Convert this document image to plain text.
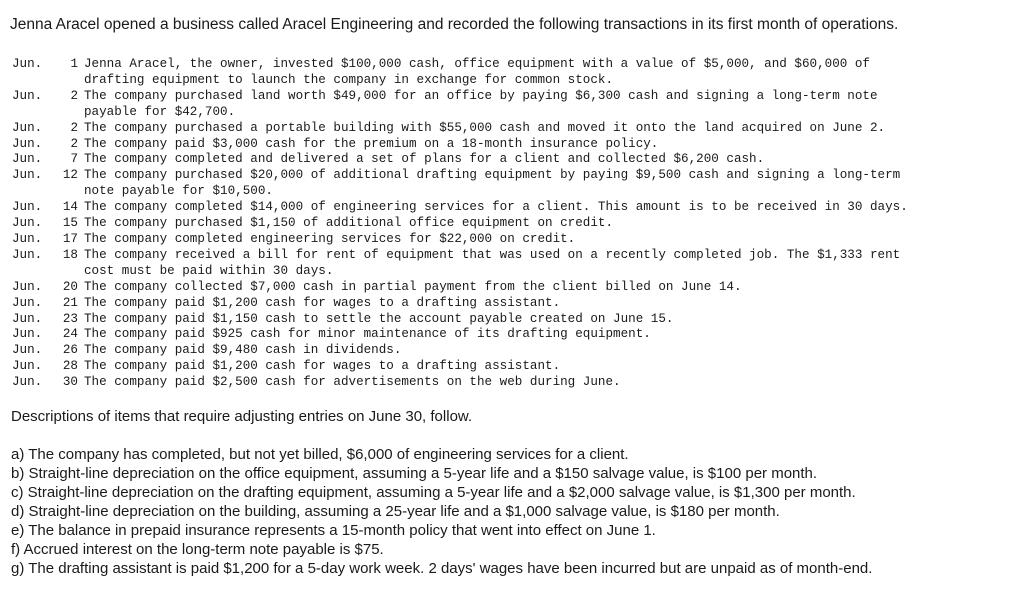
Jenna Aracel opened a business called Aracel Engineering and recorded the following transactions in its first month of operations.

Jun.	1 Jenna Aracel, the owner, invested $100,000 cash, office equipment with a value of $5,000, and $60,000 of
drafting equipment to launch the company in exchange for common stock.
Jun.	2 The company purchased land worth $49,000 for an office by paying $6,300 cash and signing a long-term note
payable for $42,700.
Jun.	2 The company purchased a portable building with $55,000 cash and moved it onto the land acquired on June 2.
Jun.	2 The company paid $3,000 cash for the premium on a 18-month insurance policy.
Jun.	7 The company completed and delivered a set of plans for a client and collected $6,200 cash.
Jun.	12 The company purchased $20,000 of additional drafting equipment by paying $9,500 cash and signing a long-term
note payable for $10,500.
Jun.	14 The company completed $14,000 of engineering services for a client. This amount is to be received in 30 days.
Jun.	15 The company purchased $1,150 of additional office equipment on credit.
Jun.	17 The company completed engineering services for $22,000 on credit.
Jun.	18 The company received a bill for rent of equipment that was used on a recently completed job. The $1,333 rent
cost must be paid within 30 days.
Jun.	20 The company collected $7,000 cash in partial payment from the client billed on June 14.
Jun.	21 The company paid $1,200 cash for wages to a drafting assistant.
Jun.	23 The company paid $1,150 cash to settle the account payable created on June 15.
Jun.	24 The company paid $925 cash for minor maintenance of its drafting equipment.
Jun.	26 The company paid $9,480 cash in dividends.
Jun.	28 The company paid $1,200 cash for wages to a drafting assistant.
Jun.	30 The company paid $2,500 cash for advertisements on the web during June.

Descriptions of items that require adjusting entries on June 30, follow.

a) The company has completed, but not yet billed, $6,000 of engineering services for a client.
b) Straight-line depreciation on the office equipment, assuming a 5-year life and a $150 salvage value, is $100 per month.
c) Straight-line depreciation on the drafting equipment, assuming a 5-year life and a $2,000 salvage value, is $1,300 per month.
d) Straight-line depreciation on the building, assuming a 25-year life and a $1,000 salvage value, is $180 per month.
e) The balance in prepaid insurance represents a 15-month policy that went into effect on June 1.
f) Accrued interest on the long-term note payable is $75.
g) The drafting assistant is paid $1,200 for a 5-day work week. 2 days' wages have been incurred but are unpaid as of month-end.
